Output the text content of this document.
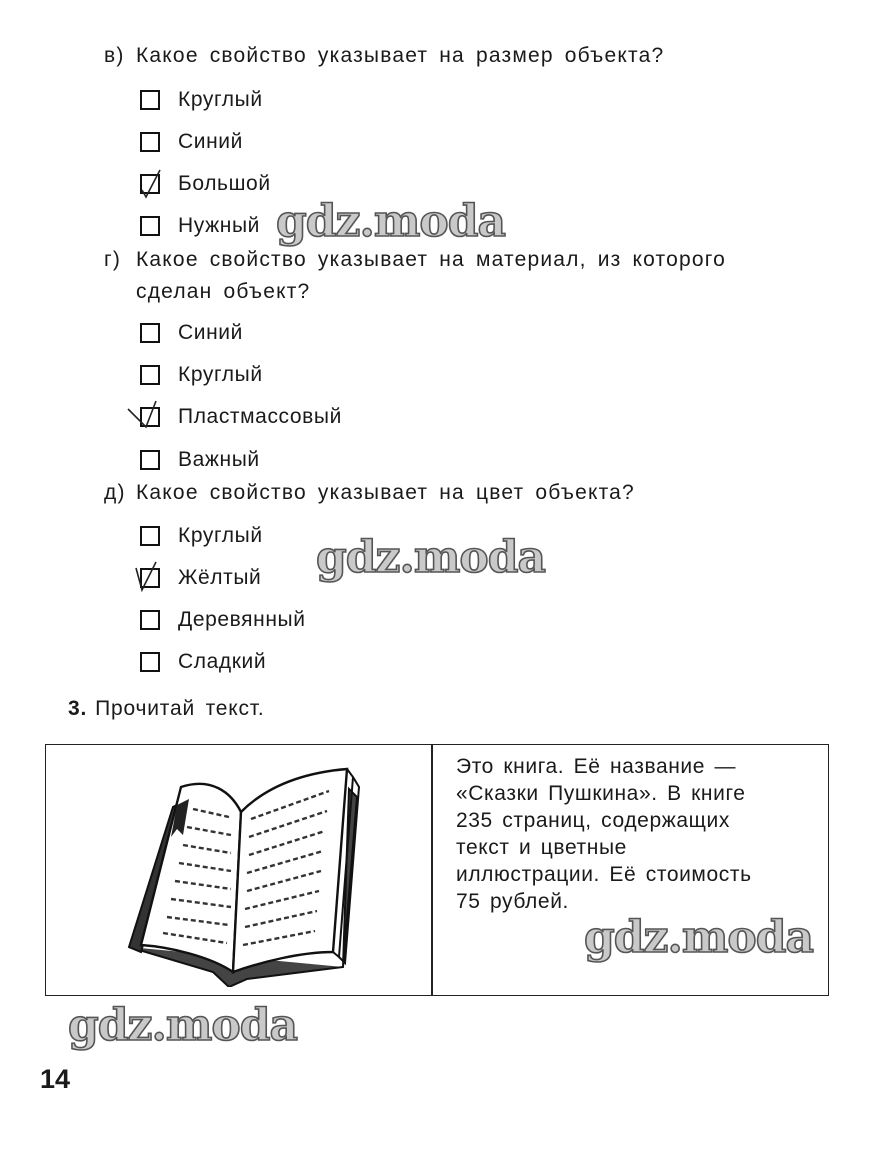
в) Какое свойство указывает на размер объекта?
Круглый
Синий
Большой
Нужный
г) Какое свойство указывает на материал, из которого
сделан объект?
Синий
Круглый
Пластмассовый
Важный
д) Какое свойство указывает на цвет объекта?
Круглый
Жёлтый
Деревянный
Сладкий
3. Прочитай текст.
Это книга. Её название —
«Сказки Пушкина». В книге
235 страниц, содержащих
текст и цветные
иллюстрации. Её стоимость
75 рублей.
gdz.moda
gdz.moda
gdz.moda
gdz.moda
14
